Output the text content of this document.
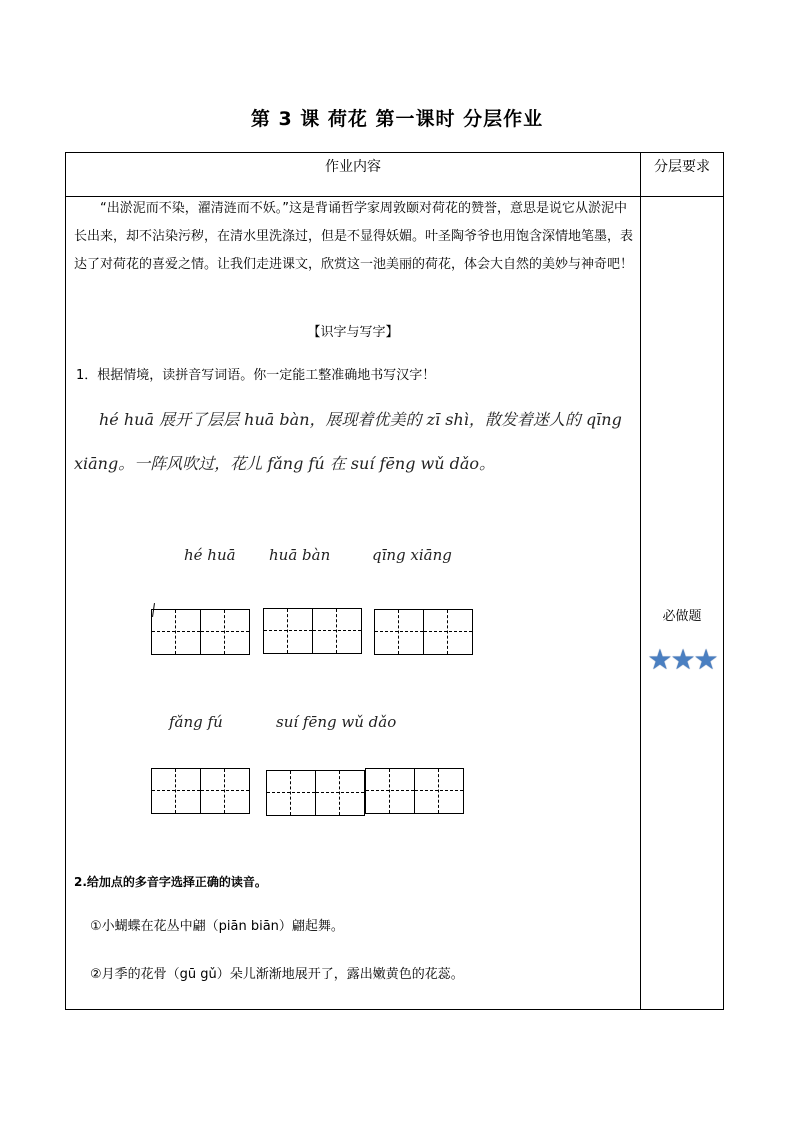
第 3 课 荷花 第一课时 分层作业
作业内容	分层要求
“出淤泥而不染，濯清涟而不妖。”这是背诵哲学家周敦颐对荷花的赞誉，意思是说它从淤泥中长出来，却不沾染污秽，在清水里洗涤过，但是不显得妖媚。叶圣陶爷爷也用饱含深情地笔墨，表达了对荷花的喜爱之情。让我们走进课文，欣赏这一池美丽的荷花，体会大自然的美妙与神奇吧！
【识字与写字】
1．根据情境，读拼音写词语。你一定能工整准确地书写汉字！
hé huā 展开了层层 huā bàn，展现着优美的 zī shì，散发着迷人的 qīng
xiāng。一阵风吹过，花儿 fǎng fú 在 suí fēng wǔ dǎo。
hé huā huā bàn	qīng xiāng
fǎng fú	suí fēng wǔ dǎo
2.给加点的多音字选择正确的读音。
①小蝴蝶在花丛中翩（piān biān）翩起舞。
②月季的花骨（gū gǔ）朵儿渐渐地展开了，露出嫩黄色的花蕊。
必做题
★★★
